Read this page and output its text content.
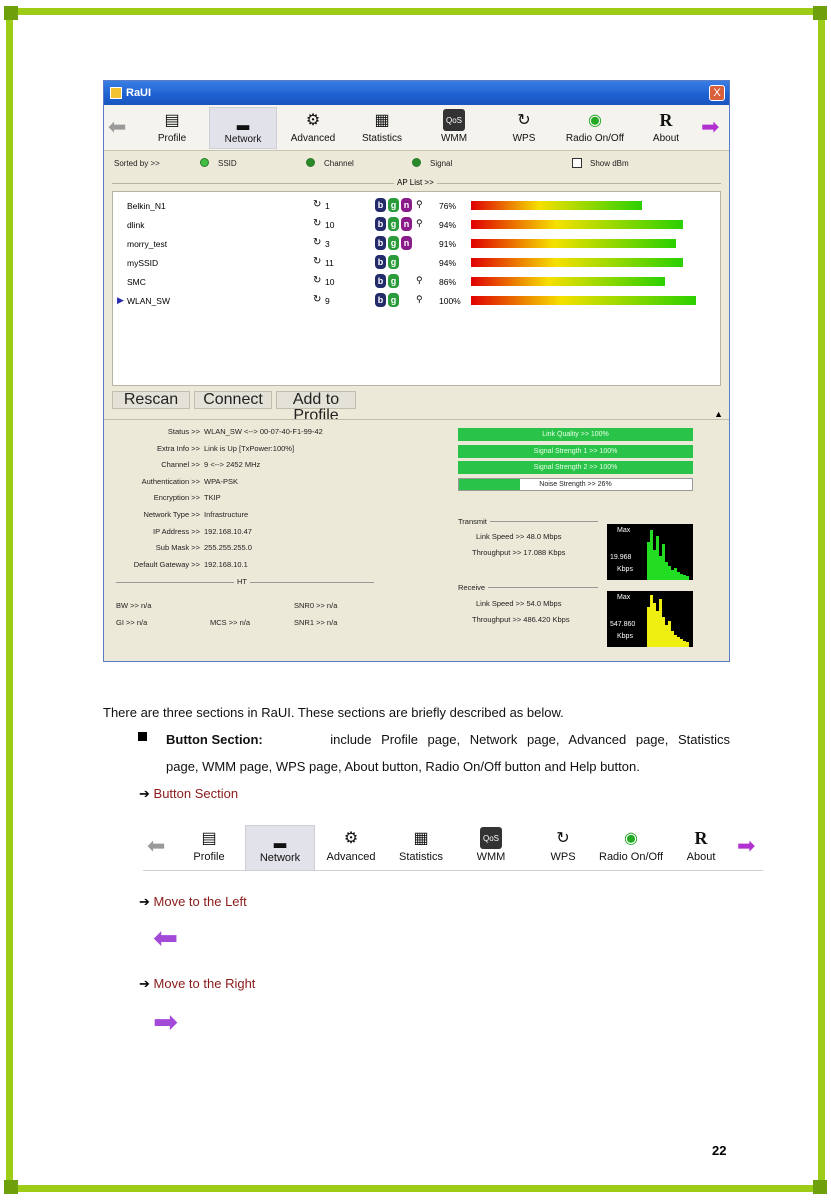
RaUI	X
⬅	▤
Profile
▂
Network
⚙
Advanced
▦
Statistics
QoS
WMM
↻
WPS
◉
Radio On/Off
R
About ➡
Sorted by >>	SSID	Channel	Signal	Show dBm
AP List >>
Belkin_N1	↻ 1	b g n ⚲ 76%
dlink	↻ 10	b g n ⚲ 94%
morry_test	↻ 3	b g n	91%
mySSID	↻ 11	b g	94%
SMC	↻ 10	b g	⚲ 86%
▶ WLAN_SW	↻ 9	b g	⚲ 100%
Rescan	Connect	Add to Profile	▲
Status >> WLAN_SW <--> 00-07-40-F1-99-42
Extra Info >> Link is Up [TxPower:100%]
Channel >> 9 <--> 2452 MHz
Authentication >> WPA-PSK
Encryption >> TKIP
Network Type >> Infrastructure
IP Address >> 192.168.10.47
Sub Mask >> 255.255.255.0
Default Gateway >> 192.168.10.1
HT
BW >> n/a
GI >> n/a	MCS >> n/a
SNR0 >> n/a
SNR1 >> n/a
Noise Strength >> 26%
Transmit
Link Speed >> 48.0 Mbps
Throughput >> 17.088 Kbps
Max
19.968
Kbps
Receive
Link Speed >> 54.0 Mbps
Throughput >> 486.420 Kbps
Max
547.860
Kbps
Link Quality >> 100%
Signal Strength 1 >> 100%
Signal Strength 2 >> 100%
There are three sections in RaUI. These sections are briefly described as below.
Button Section:	include Profile page, Network page, Advanced page, Statistics
page, WMM page, WPS page, About button, Radio On/Off button and Help button.
➔ Button Section
⬅ ▤
Profile
▂
Network
⚙
Advanced
▦
Statistics
QoS
WMM
↻
WPS
◉
Radio On/Off
R
About ➡
➔ Move to the Left
⬅
➔ Move to the Right
➡
22
